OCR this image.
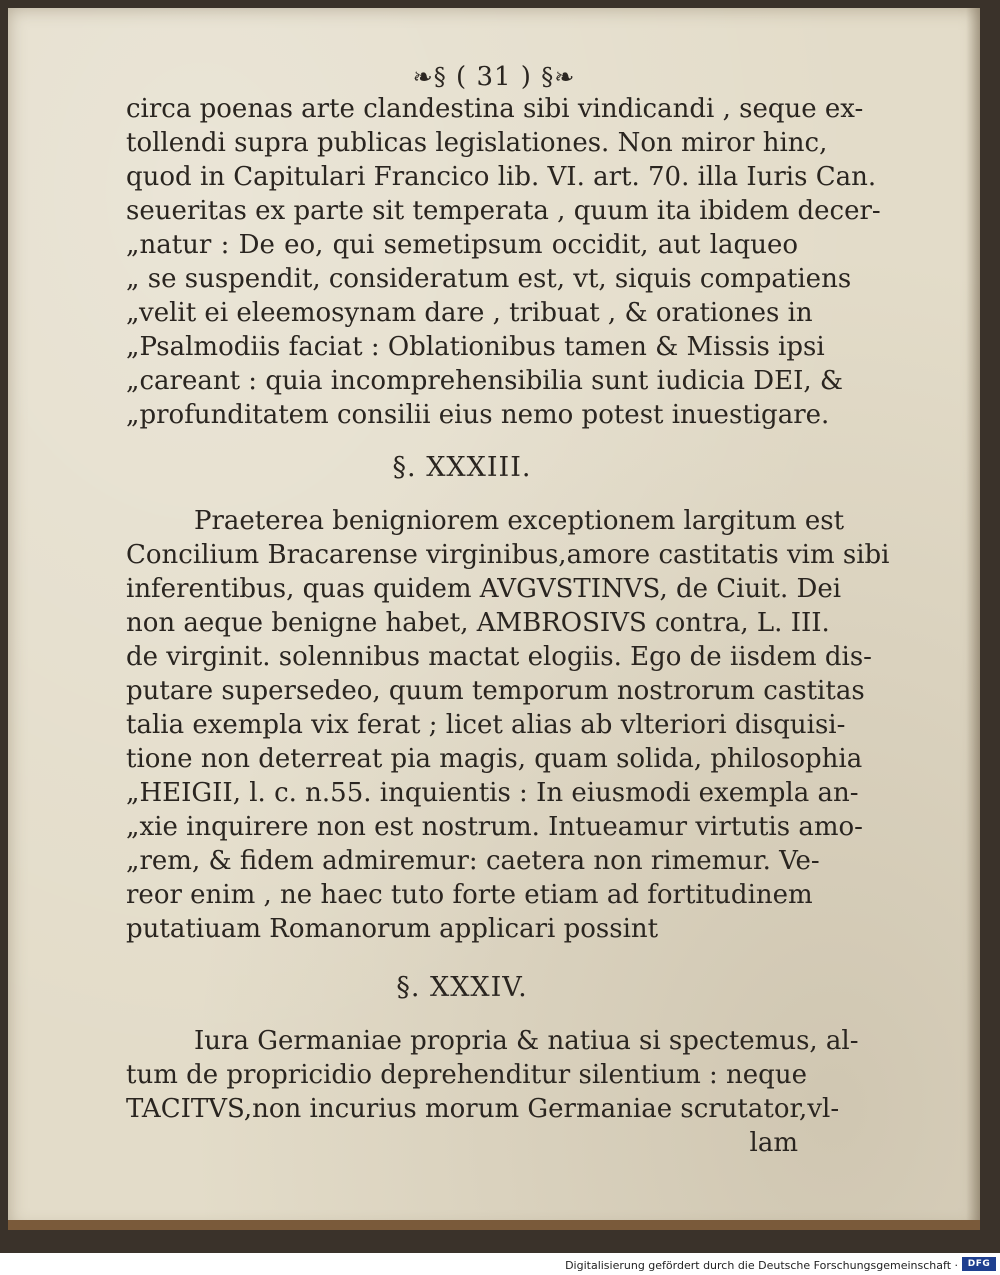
❧§ ( 31 ) §❧
circa poenas arte clandestina sibi vindicandi , seque ex-
tollendi supra publicas legislationes. Non miror hinc,
quod in Capitulari Francico lib. VI. art. 70. illa Iuris Can.
seueritas ex parte sit temperata , quum ita ibidem decer-
„natur : De eo, qui semetipsum occidit, aut laqueo
„ se suspendit, consideratum est, vt, siquis compatiens
„velit ei eleemosynam dare , tribuat , & orationes in
„Psalmodiis faciat : Oblationibus tamen & Missis ipsi
„careant : quia incomprehensibilia sunt iudicia DEI, &
„profunditatem consilii eius nemo potest inuestigare.
§. XXXIII.
Praeterea benigniorem exceptionem largitum est
Concilium Bracarense virginibus,amore castitatis vim sibi
inferentibus, quas quidem AVGVSTINVS, de Ciuit. Dei
non aeque benigne habet, AMBROSIVS contra, L. III.
de virginit. solennibus mactat elogiis. Ego de iisdem dis-
putare supersedeo, quum temporum nostrorum castitas
talia exempla vix ferat ; licet alias ab vlteriori disquisi-
tione non deterreat pia magis, quam solida, philosophia
„HEIGII, l. c. n.55. inquientis : In eiusmodi exempla an-
„xie inquirere non est nostrum. Intueamur virtutis amo-
„rem, & fidem admiremur: caetera non rimemur. Ve-
reor enim , ne haec tuto forte etiam ad fortitudinem
putatiuam Romanorum applicari possint
§. XXXIV.
Iura Germaniae propria & natiua si spectemus, al-
tum de propricidio deprehenditur silentium : neque
TACITVS,non incurius morum Germaniae scrutator,vl-
lam
Digitalisierung gefördert durch die Deutsche Forschungsgemeinschaft ·	DFG
